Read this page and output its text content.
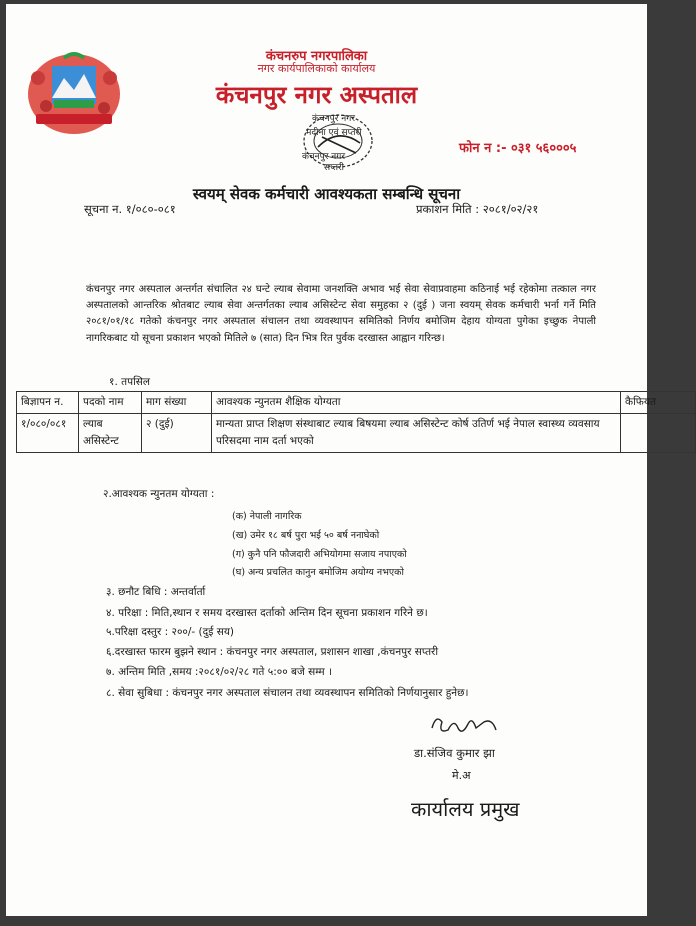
कंचनरुप नगरपालिका
नगर कार्यपालिकाको कार्यालय
कंचनपुर नगर अस्पताल
कंचनपुर नगर
मदीना एवं सप्तरी
कंचनपुर नगर
सप्तरी
फोन न :- ०३१ ५६०००५
स्वयम् सेवक कर्मचारी आवश्यकता सम्बन्धि सूचना
सूचना न. १/०८०-०८१	प्रकाशन मिति : २०८१/०२/२१
कंचनपुर नगर अस्पताल अन्तर्गत संचालित २४ घन्टे ल्याब सेवामा जनशक्ति अभाव भई सेवा सेवाप्रवाहमा कठिनाई भई रहेकोमा तत्काल नगर अस्पतालको आन्तरिक श्रोतबाट ल्याब सेवा अन्तर्गतका ल्याब असिस्टेन्ट सेवा समुहका २ (दुई ) जना स्वयम् सेवक कर्मचारी भर्ना गर्ने मिति २०८१/०१/१८ गतेको कंचनपुर नगर अस्पताल संचालन तथा व्यवस्थापन समितिको निर्णय बमोजिम देहाय योग्यता पुगेका इच्छुक नेपाली नागरिकबाट यो सूचना प्रकाशन भएको मितिले ७ (सात) दिन भित्र रित पुर्वक दरखास्त आह्वान गरिन्छ।
१. तपसिल
बिज्ञापन न.	पदको नाम	माग संख्या	आवश्यक न्युनतम शैक्षिक योग्यता	कैफियत
१/०८०/०८१	ल्याब असिस्टेन्ट	२ (दुई)	मान्यता प्राप्त शिक्षण संस्थाबाट ल्याब बिषयमा ल्याब असिस्टेन्ट कोर्ष उतिर्ण भई नेपाल स्वास्थ्य व्यवसाय परिसदमा नाम दर्ता भएको	
२.आवश्यक न्युनतम योग्यता :
(क) नेपाली नागरिक
(ख) उमेर १८ बर्ष पुरा भई ५० बर्ष ननाघेको
(ग) कुनै पनि फौजदारी अभियोगमा सजाय नपाएको
(घ) अन्य प्रचलित कानुन बमोजिम अयोग्य नभएको
३. छनौट बिधि : अन्तर्वार्ता
४. परिक्षा : मिति,स्थान र समय दरखास्त दर्ताको अन्तिम दिन सूचना प्रकाशन गरिने छ।
५.परिक्षा दस्तुर : २००/- (दुई सय)
६.दरखास्त फारम बुझने स्थान : कंचनपुर नगर अस्पताल, प्रशासन शाखा ,कंचनपुर सप्तरी
७. अन्तिम मिति ,समय :२०८१/०२/२८ गते ५:०० बजे सम्म ।
८. सेवा सुबिधा : कंचनपुर नगर अस्पताल संचालन तथा व्यवस्थापन समितिको निर्णयानुसार हुनेछ।
डा.संजिव कुमार झा
मे.अ
कार्यालय प्रमुख
